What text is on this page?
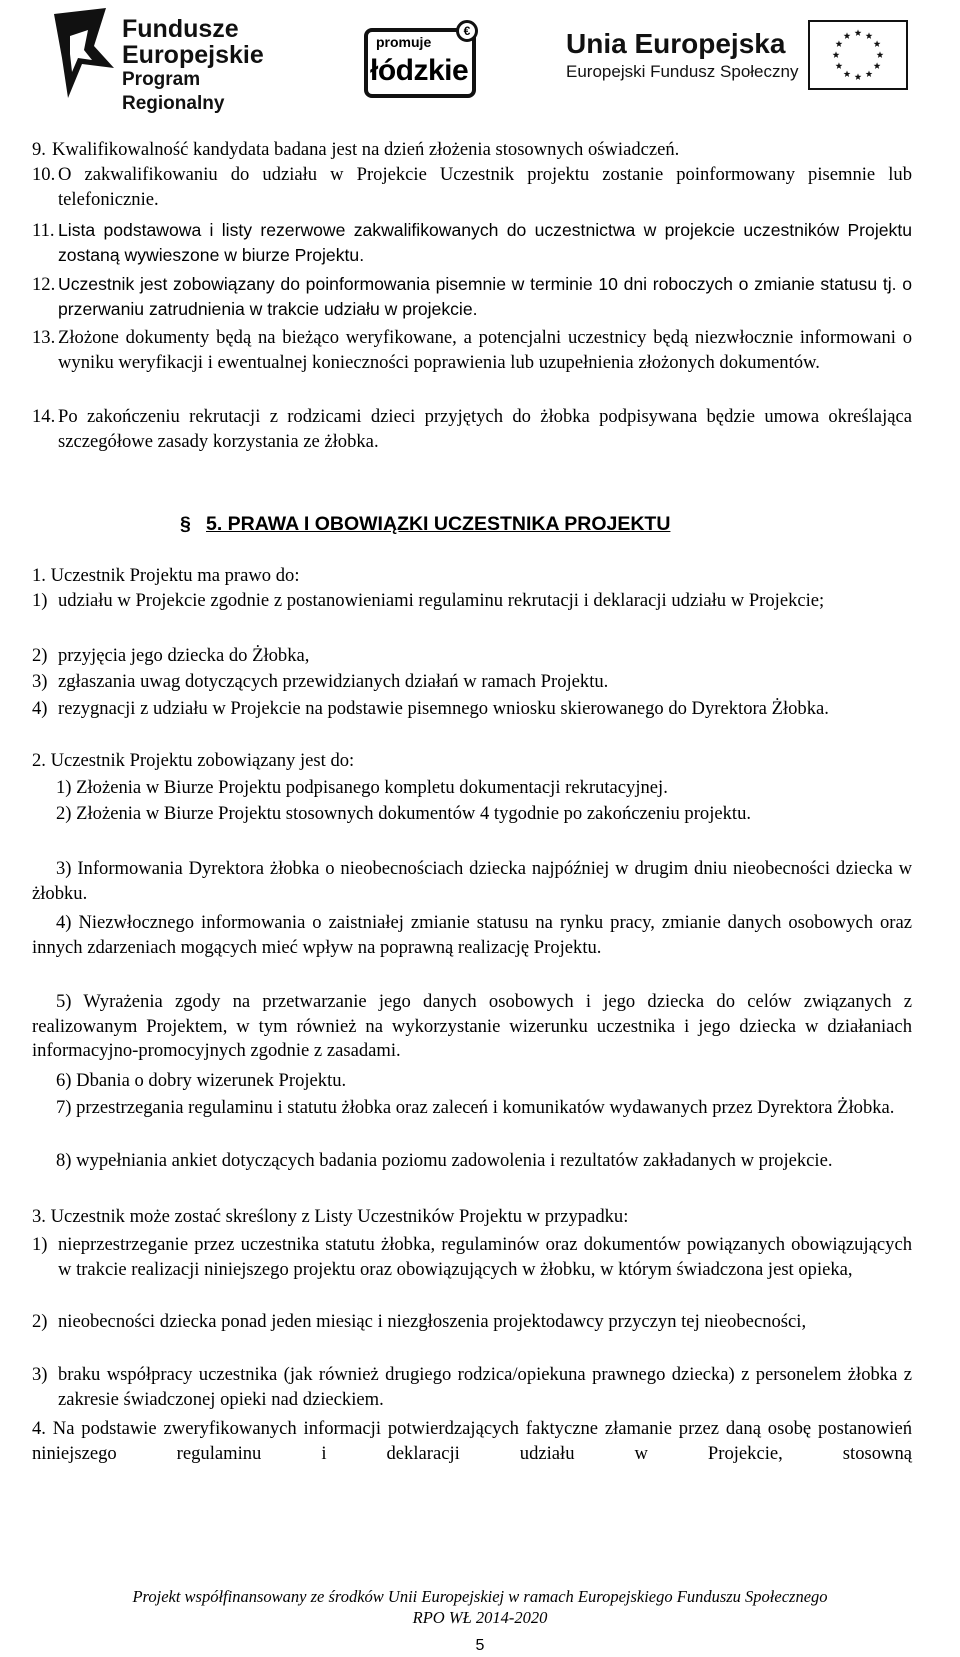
Fundusze
Europejskie
Program Regionalny
promuje
łódzkie
€	Unia Europejska
Europejski Fundusz Społeczny
9. Kwalifikowalność kandydata badana jest na dzień złożenia stosownych oświadczeń.
10. O zakwalifikowaniu do udziału w Projekcie Uczestnik projektu zostanie poinformowany pisemnie lub telefonicznie.
11. Lista podstawowa i listy rezerwowe zakwalifikowanych do uczestnictwa w projekcie uczestników Projektu zostaną wywieszone w biurze Projektu.
12. Uczestnik jest zobowiązany do poinformowania pisemnie w terminie 10 dni roboczych o zmianie statusu tj. o przerwaniu zatrudnienia w trakcie udziału w projekcie.
13. Złożone dokumenty będą na bieżąco weryfikowane, a potencjalni uczestnicy będą niezwłocznie informowani o wyniku weryfikacji i ewentualnej konieczności poprawienia lub uzupełnienia złożonych dokumentów.
14. Po zakończeniu rekrutacji z rodzicami dzieci przyjętych do żłobka podpisywana będzie umowa określająca szczegółowe zasady korzystania ze żłobka.
§ 5. PRAWA I OBOWIĄZKI UCZESTNIKA PROJEKTU
1. Uczestnik Projektu ma prawo do:
1) udziału w Projekcie zgodnie z postanowieniami regulaminu rekrutacji i deklaracji udziału w Projekcie;
2) przyjęcia jego dziecka do Żłobka,
3) zgłaszania uwag dotyczących przewidzianych działań w ramach Projektu.
4) rezygnacji z udziału w Projekcie na podstawie pisemnego wniosku skierowanego do Dyrektora Żłobka.
2. Uczestnik Projektu zobowiązany jest do:
1) Złożenia w Biurze Projektu podpisanego kompletu dokumentacji rekrutacyjnej.
2) Złożenia w Biurze Projektu stosownych dokumentów 4 tygodnie po zakończeniu projektu.
3) Informowania Dyrektora żłobka o nieobecnościach dziecka najpóźniej w drugim dniu nieobecności dziecka w żłobku.
4) Niezwłocznego informowania o zaistniałej zmianie statusu na rynku pracy, zmianie danych osobowych oraz innych zdarzeniach mogących mieć wpływ na poprawną realizację Projektu.
5) Wyrażenia zgody na przetwarzanie jego danych osobowych i jego dziecka do celów związanych z realizowanym Projektem, w tym również na wykorzystanie wizerunku uczestnika i jego dziecka w działaniach informacyjno-promocyjnych zgodnie z zasadami.
6) Dbania o dobry wizerunek Projektu.
7) przestrzegania regulaminu i statutu żłobka oraz zaleceń i komunikatów wydawanych przez Dyrektora Żłobka.
8) wypełniania ankiet dotyczących badania poziomu zadowolenia i rezultatów zakładanych w projekcie.
3. Uczestnik może zostać skreślony z Listy Uczestników Projektu w przypadku:
1) nieprzestrzeganie przez uczestnika statutu żłobka, regulaminów oraz dokumentów powiązanych obowiązujących w trakcie realizacji niniejszego projektu oraz obowiązujących w żłobku, w którym świadczona jest opieka,
2) nieobecności dziecka ponad jeden miesiąc i niezgłoszenia projektodawcy przyczyn tej nieobecności,
3) braku współpracy uczestnika (jak również drugiego rodzica/opiekuna prawnego dziecka) z personelem żłobka z zakresie świadczonej opieki nad dzieckiem.
4. Na podstawie zweryfikowanych informacji potwierdzających faktyczne złamanie przez daną osobę postanowień niniejszego regulaminu i deklaracji udziału w Projekcie, stosowną
Projekt współfinansowany ze środków Unii Europejskiej w ramach Europejskiego Funduszu Społecznego
RPO WŁ 2014-2020
5
